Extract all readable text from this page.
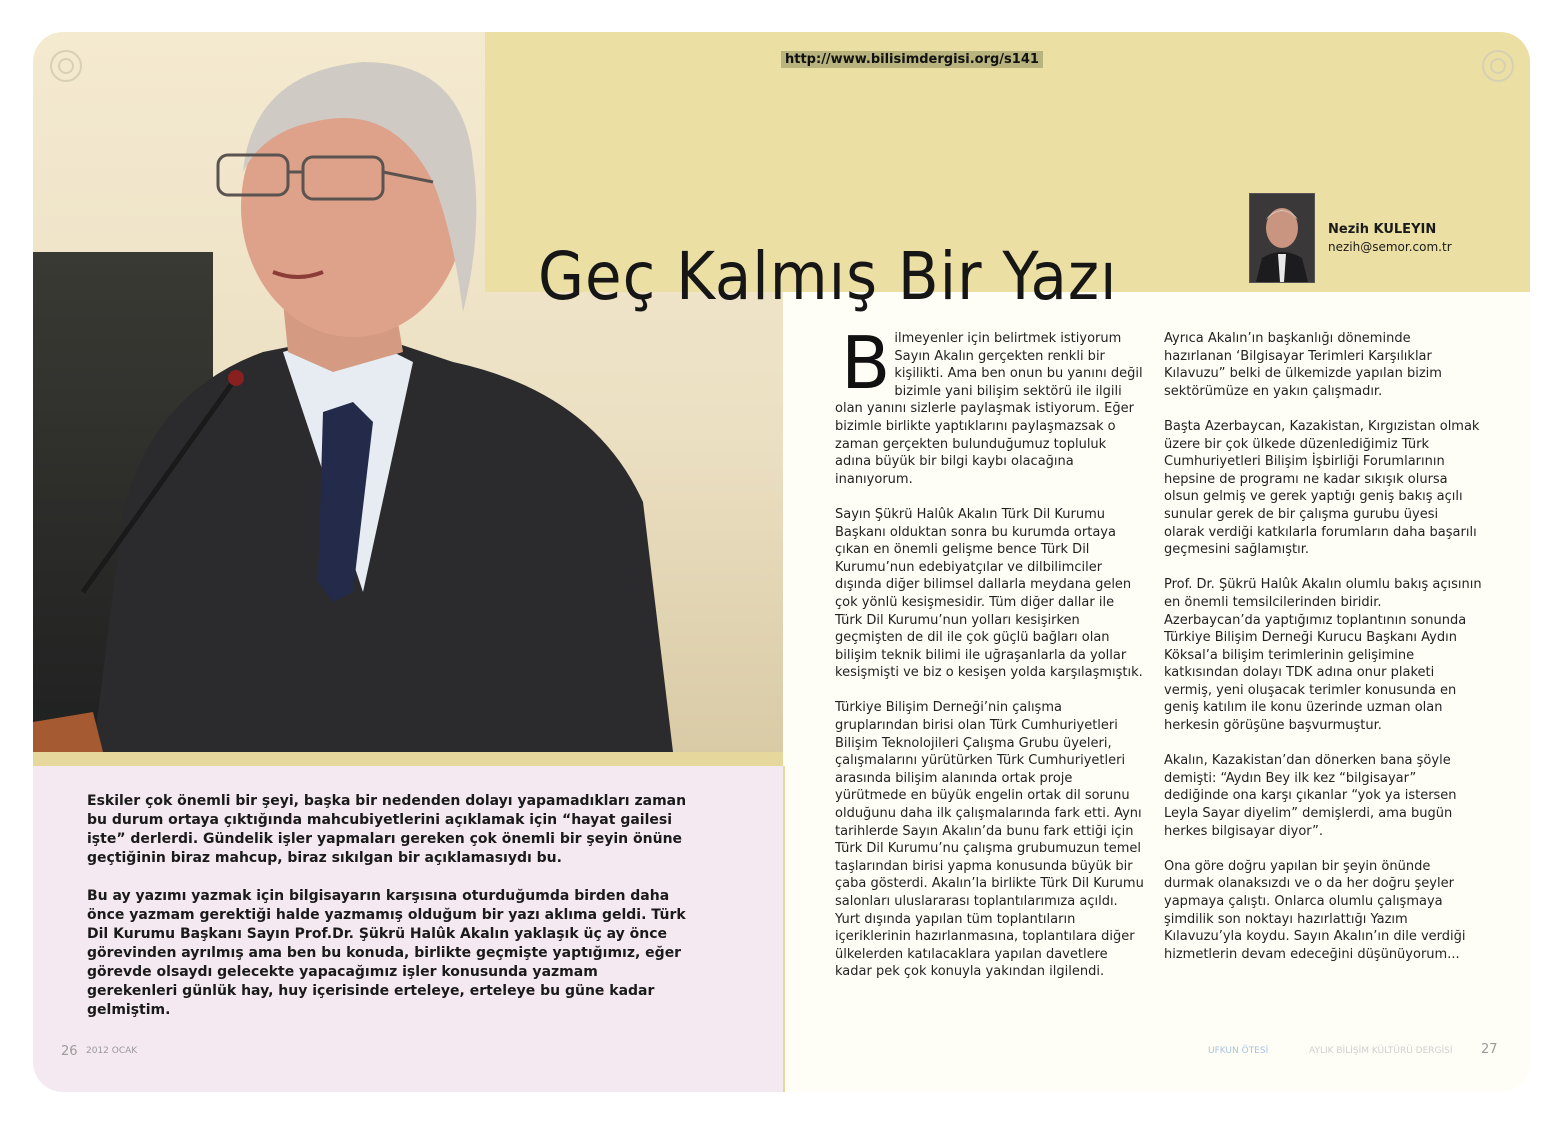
Eskiler çok önemli bir şeyi, başka bir nedenden dolayı yapamadıkları zaman bu durum ortaya çıktığında mahcubiyetlerini açıklamak için “hayat gailesi işte” derlerdi. Gündelik işler yapmaları gereken çok önemli bir şeyin önüne geçtiğinin biraz mahcup, biraz sıkılgan bir açıklamasıydı bu.

Bu ay yazımı yazmak için bilgisayarın karşısına oturduğumda birden daha önce yazmam gerektiği halde yazmamış olduğum bir yazı aklıma geldi. Türk Dil Kurumu Başkanı Sayın Prof.Dr. Şükrü Halûk Akalın yaklaşık üç ay önce görevinden ayrılmış ama ben bu konuda, birlikte geçmişte yaptığımız, eğer görevde olsaydı gelecekte yapacağımız işler konusunda yazmam gerekenleri günlük hay, huy içerisinde erteleye, erteleye bu güne kadar gelmiştim.

http://www.bilisimdergisi.org/s141
Geç Kalmış Bir Yazı
Nezih KULEYIN
nezih@semor.com.tr

Bilmeyenler için belirtmek istiyorum Sayın Akalın gerçekten renkli bir kişilikti. Ama ben onun bu yanını değil bizimle yani bilişim sektörü ile ilgili olan yanını sizlerle paylaşmak istiyorum. Eğer bizimle birlikte yaptıklarını paylaşmazsak o zaman gerçekten bulunduğumuz topluluk adına büyük bir bilgi kaybı olacağına inanıyorum.

Sayın Şükrü Halûk Akalın Türk Dil Kurumu Başkanı olduktan sonra bu kurumda ortaya çıkan en önemli gelişme bence Türk Dil Kurumu’nun edebiyatçılar ve dilbilimciler dışında diğer bilimsel dallarla meydana gelen çok yönlü kesişmesidir. Tüm diğer dallar ile Türk Dil Kurumu’nun yolları kesişirken geçmişten de dil ile çok güçlü bağları olan bilişim teknik bilimi ile uğraşanlarla da yollar kesişmişti ve biz o kesişen yolda karşılaşmıştık.

Türkiye Bilişim Derneği’nin çalışma gruplarından birisi olan Türk Cumhuriyetleri Bilişim Teknolojileri Çalışma Grubu üyeleri, çalışmalarını yürütürken Türk Cumhuriyetleri arasında bilişim alanında ortak proje yürütmede en büyük engelin ortak dil sorunu olduğunu daha ilk çalışmalarında fark etti. Aynı tarihlerde Sayın Akalın’da bunu fark ettiği için Türk Dil Kurumu’nu çalışma grubumuzun temel taşlarından birisi yapma konusunda büyük bir çaba gösterdi. Akalın’la birlikte Türk Dil Kurumu salonları uluslararası toplantılarımıza açıldı. Yurt dışında yapılan tüm toplantıların içeriklerinin hazırlanmasına, toplantılara diğer ülkelerden katılacaklara yapılan davetlere kadar pek çok konuyla yakından ilgilendi.

Ayrıca Akalın’ın başkanlığı döneminde hazırlanan ‘Bilgisayar Terimleri Karşılıklar Kılavuzu” belki de ülkemizde yapılan bizim sektörümüze en yakın çalışmadır.

Başta Azerbaycan, Kazakistan, Kırgızistan olmak üzere bir çok ülkede düzenlediğimiz Türk Cumhuriyetleri Bilişim İşbirliği Forumlarının hepsine de programı ne kadar sıkışık olursa olsun gelmiş ve gerek yaptığı geniş bakış açılı sunular gerek de bir çalışma gurubu üyesi olarak verdiği katkılarla forumların daha başarılı geçmesini sağlamıştır.

Prof. Dr. Şükrü Halûk Akalın olumlu bakış açısının en önemli temsilcilerinden biridir. Azerbaycan’da yaptığımız toplantının sonunda Türkiye Bilişim Derneği Kurucu Başkanı Aydın Köksal’a bilişim terimlerinin gelişimine katkısından dolayı TDK adına onur plaketi vermiş, yeni oluşacak terimler konusunda en geniş katılım ile konu üzerinde uzman olan herkesin görüşüne başvurmuştur.

Akalın, Kazakistan’dan dönerken bana şöyle demişti: “Aydın Bey ilk kez “bilgisayar” dediğinde ona karşı çıkanlar “yok ya istersen Leyla Sayar diyelim” demişlerdi, ama bugün herkes bilgisayar diyor”.

Ona göre doğru yapılan bir şeyin önünde durmak olanaksızdı ve o da her doğru şeyler yapmaya çalıştı. Onlarca olumlu çalışmaya şimdilik son noktayı hazırlattığı Yazım Kılavuzu’yla koydu. Sayın Akalın’ın dile verdiği hizmetlerin devam edeceğini düşünüyorum...

26 2012 OCAK	UFKUN ÖTESİ	AYLIK BİLİŞİM KÜLTÜRÜ DERGİSİ 27
